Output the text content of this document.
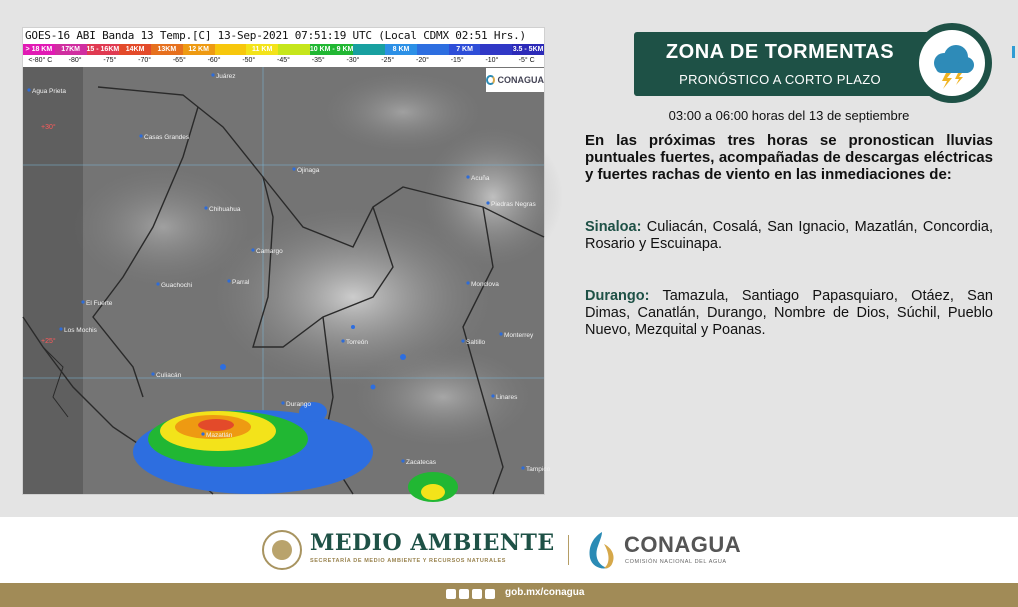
GOES-16 ABI Banda 13 Temp.[C] 13-Sep-2021 07:51:19 UTC (Local CDMX 02:51 Hrs.)
> 18 KM	17KM 15 - 16KM 14KM	13KM	12 KM	11 KM	10 KM - 9 KM	8 KM	7 KM	3.5 - 5KM
<-80° C	-80°	-75°	-70°	-65°	-60°	-50°	-45°	-35°	-30°	-25°	-20°	-15°	-10°	-5° C
Agua Prieta
Juárez
Casas Grandes
Ojinaga
Chihuahua
Acuña
Piedras Negras
Camargo
Guachochi	Parral
Torreón
Monclova
El Fuerte
Los Mochis
Saltillo
Monterrey
Culiacán
Durango
Linares
Mazatlán
Zacatecas
Tampico
+30°
+25°
CONAGUA
ZONA DE TORMENTAS
PRONÓSTICO A CORTO PLAZO
03:00 a 06:00 horas del 13 de septiembre
En las próximas tres horas se pronostican lluvias puntuales fuertes, acompañadas de descargas eléctricas y fuertes rachas de viento en las inmediaciones de:
Sinaloa: Culiacán, Cosalá, San Ignacio, Mazatlán, Concordia, Rosario y Escuinapa.
Durango: Tamazula, Santiago Papasquiaro, Otáez, San Dimas, Canatlán, Durango, Nombre de Dios, Súchil, Pueblo Nuevo, Mezquital y Poanas.
MEDIO AMBIENTE
SECRETARÍA DE MEDIO AMBIENTE Y RECURSOS NATURALES
CONAGUA
COMISIÓN NACIONAL DEL AGUA
gob.mx/conagua
